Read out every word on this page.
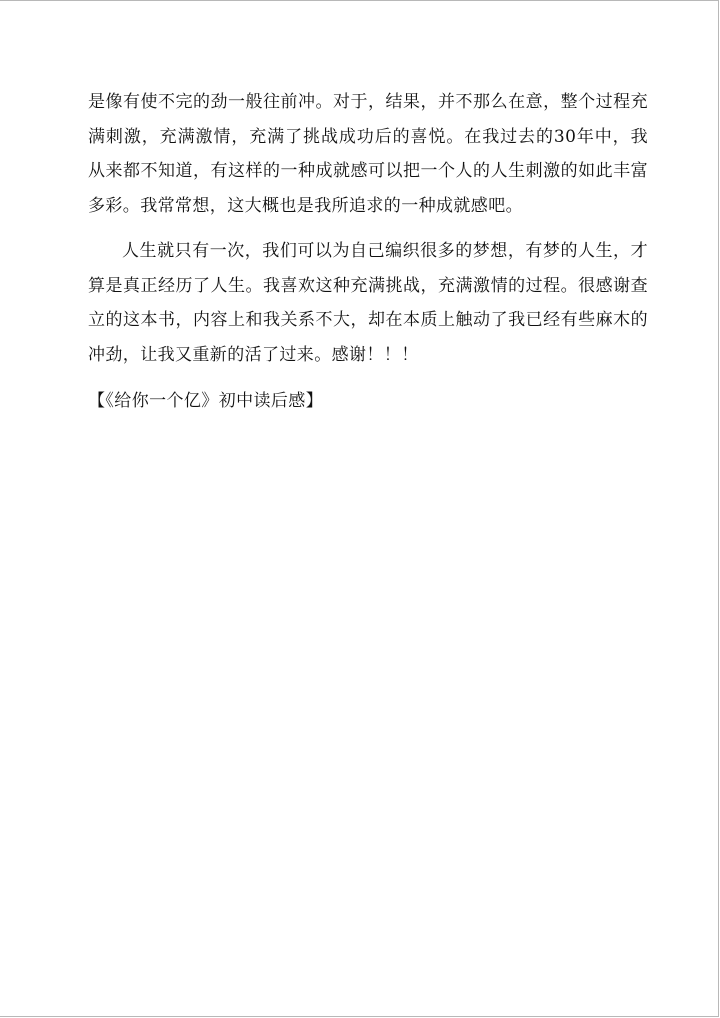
是像有使不完的劲一般往前冲。对于，结果，并不那么在意，整个过程充满刺激，充满激情，充满了挑战成功后的喜悦。在我过去的30年中，我从来都不知道，有这样的一种成就感可以把一个人的人生刺激的如此丰富多彩。我常常想，这大概也是我所追求的一种成就感吧。

人生就只有一次，我们可以为自己编织很多的梦想，有梦的人生，才算是真正经历了人生。我喜欢这种充满挑战，充满激情的过程。很感谢查立的这本书，内容上和我关系不大，却在本质上触动了我已经有些麻木的冲劲，让我又重新的活了过来。感谢！！！

【《给你一个亿》初中读后感】
